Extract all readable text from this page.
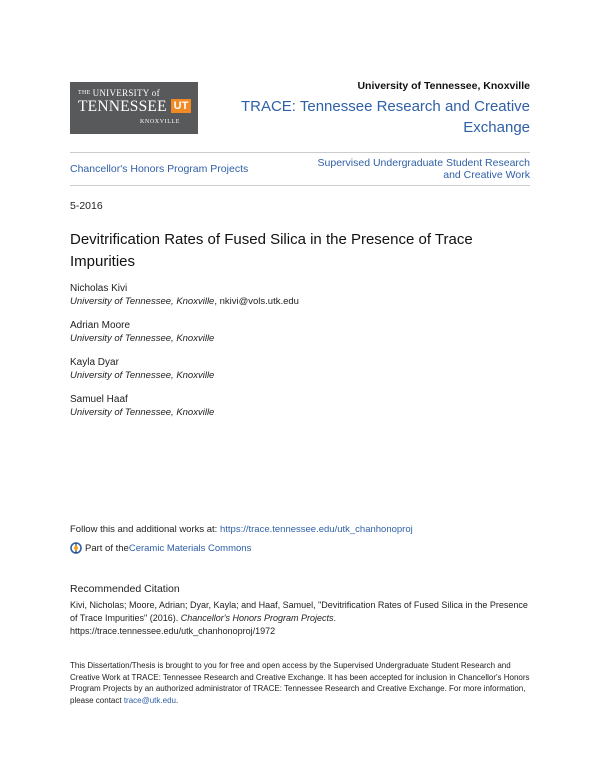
$^{THE}$ UNIVERSITY of
TENNESSEE UT
KNOXVILLE
University of Tennessee, Knoxville
TRACE: Tennessee Research and Creative Exchange
Chancellor's Honors Program Projects	Supervised Undergraduate Student Research and Creative Work
5-2016
Devitrification Rates of Fused Silica in the Presence of Trace Impurities
Nicholas Kivi
University of Tennessee, Knoxville, nkivi@vols.utk.edu
Adrian Moore
University of Tennessee, Knoxville
Kayla Dyar
University of Tennessee, Knoxville
Samuel Haaf
University of Tennessee, Knoxville
Follow this and additional works at: https://trace.tennessee.edu/utk_chanhonoproj
Part of the Ceramic Materials Commons
Recommended Citation
Kivi, Nicholas; Moore, Adrian; Dyar, Kayla; and Haaf, Samuel, "Devitrification Rates of Fused Silica in the Presence of Trace Impurities" (2016). Chancellor's Honors Program Projects.
https://trace.tennessee.edu/utk_chanhonoproj/1972
This Dissertation/Thesis is brought to you for free and open access by the Supervised Undergraduate Student Research and Creative Work at TRACE: Tennessee Research and Creative Exchange. It has been accepted for inclusion in Chancellor's Honors Program Projects by an authorized administrator of TRACE: Tennessee Research and Creative Exchange. For more information, please contact trace@utk.edu.
